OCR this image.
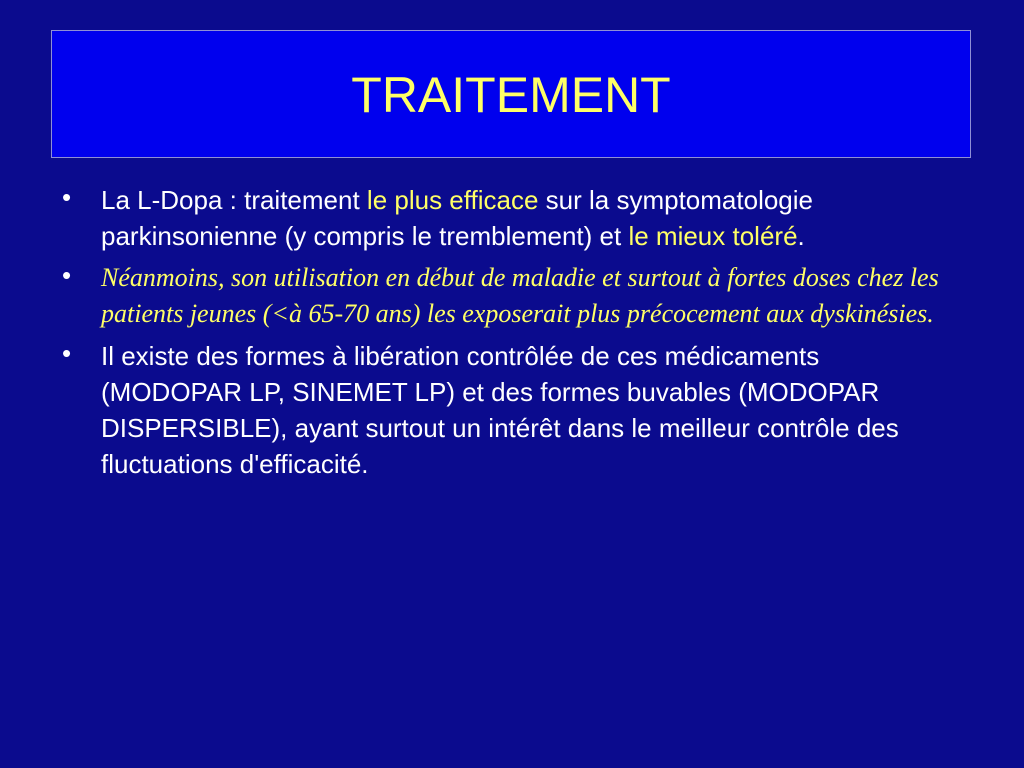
TRAITEMENT
• La L-Dopa : traitement le plus efficace sur la symptomatologie parkinsonienne (y compris le tremblement) et le mieux toléré.
• Néanmoins, son utilisation en début de maladie et surtout à fortes doses chez les patients jeunes (<à 65-70 ans) les exposerait plus précocement aux dyskinésies.
• Il existe des formes à libération contrôlée de ces médicaments (MODOPAR LP, SINEMET LP) et des formes buvables (MODOPAR DISPERSIBLE), ayant surtout un intérêt dans le meilleur contrôle des fluctuations d'efficacité.
